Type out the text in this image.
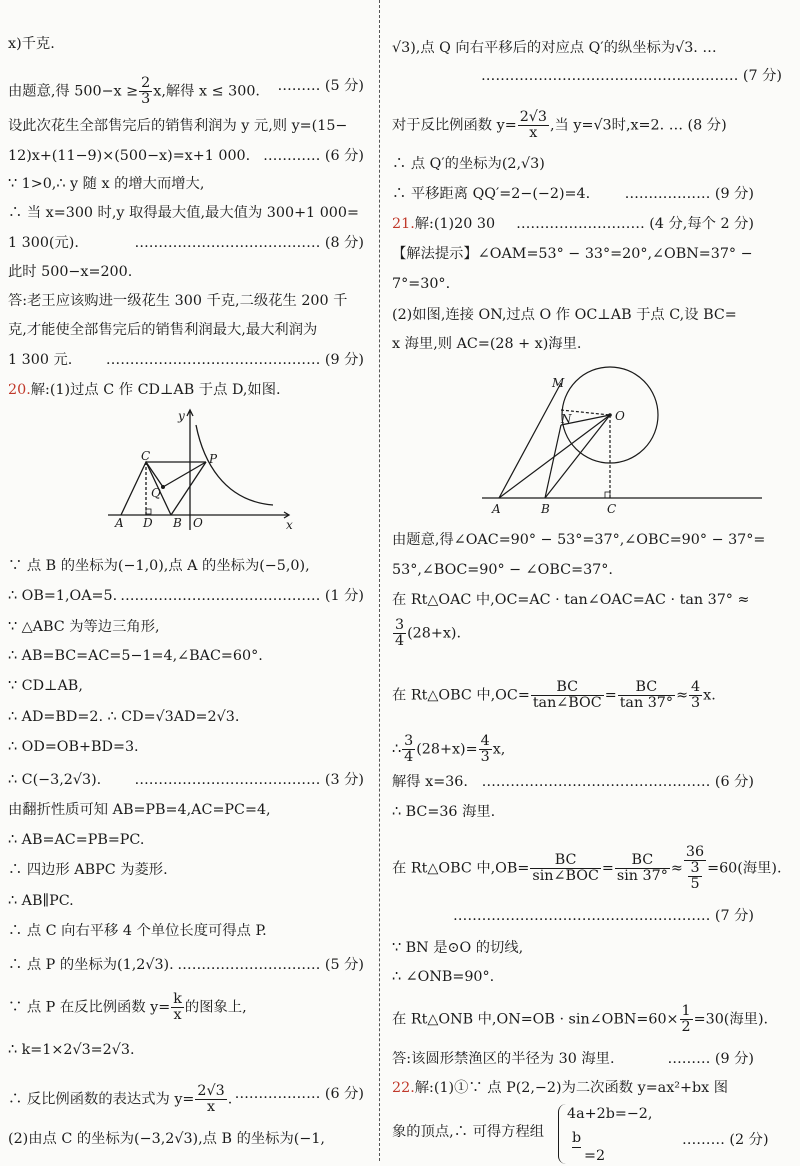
x)千克.
由题意,得 $500-x \ge \frac{2}{3} x$,解得 x ≤ 300. ……… (5 分)
设此次花生全部售完后的销售利润为 y 元,则 y=(15−
12)x+(11−9)×(500−x)=x+1 000. ………… (6 分)
∵ 1>0,∴ y 随 x 的增大而增大,
∴ 当 x=300 时,y 取得最大值,最大值为 300+1 000=
1 300(元).	………………………………… (8 分)
此时 500−x=200.
答:老王应该购进一级花生 300 千克,二级花生 200 千
克,才能使全部售完后的销售利润最大,最大利润为
1 300 元. ……………………………………… (9 分)
20.解:(1)过点 C 作 CD⊥AB 于点 D,如图.
y
x
C	P
Q
A D B O
∵ 点 B 的坐标为(−1,0),点 A 的坐标为(−5,0),
∴ OB=1,OA=5. …………………………………… (1 分)
∵ △ABC 为等边三角形,
∴ AB=BC=AC=5−1=4,∠BAC=60°.
∵ CD⊥AB,
∴ AD=BD=2. ∴ CD=√3AD=2√3.
∴ OD=OB+BD=3.
∴ C(−3,2√3). ………………………………… (3 分)
由翻折性质可知 AB=PB=4,AC=PC=4,
∴ AB=AC=PB=PC.
∴ 四边形 ABPC 为菱形.
∴ AB∥PC.
∴ 点 C 向右平移 4 个单位长度可得点 P.
∴ 点 P 的坐标为(1,2√3). ………………………… (5 分)
∵ 点 P 在反比例函数 $y= \frac{k}{x}$ 的图象上,
∴ k=1×2√3=2√3.
∴ 反比例函数的表达式为 $y= \frac{2√3}{x}$ . ……………… (6 分)
(2)由点 C 的坐标为(−3,2√3),点 B 的坐标为(−1,
√3),点 Q 向右平移后的对应点 Q′的纵坐标为√3. …
……………………………………………… (7 分)
对于反比例函数 $y= \frac{2√3}{x}$ ,当 y=√3时,x=2. … (8 分)
∴ 点 Q′的坐标为(2,√3)
∴ 平移距离 QQ′=2−(−2)=4. ……………… (9 分)
21.解:(1)20 30 ……………………… (4 分,每个 2 分)
【解法提示】∠OAM=53° − 33°=20°,∠OBN=37° −
7°=30°.
(2)如图,连接 ON,过点 O 作 OC⊥AB 于点 C,设 BC=
x 海里,则 AC=(28 + x)海里.
M
N	O
A	B	C
由题意,得∠OAC=90° − 53°=37°,∠OBC=90° − 37°=
53°,∠BOC=90° − ∠OBC=37°.
在 Rt△OAC 中,OC=AC · tan∠OAC=AC · tan 37° ≈
$\frac{3}{4} (28+x)$.
在 Rt△OBC 中$,OC= \frac{BC}{\text{tan∠BOC}} = \frac{BC}{\tan 37^\circ} \approx \frac{4}{3} x$.
∴ $\frac{3}{4} (28+x)= \frac{4}{3} x$,
解得 x=36. ………………………………………… (6 分)
∴ BC=36 海里.
在 Rt△OBC 中$,OB= \frac{BC}{\text{sin∠BOC}} = \frac{BC}{\sin 37^\circ} \approx \frac{36}{\frac{3}{5}} =60$(海里).
……………………………………………… (7 分)
∵ BN 是⊙O 的切线,
∴ ∠ONB=90°.
在 Rt△ONB 中,ON=OB · sin∠OBN=60× $\frac{1}{2} =30$(海里).
答:该圆形禁渔区的半径为 30 海里.	……… (9 分)
22.解:(1)①∵ 点 P(2,−2)为二次函数 y=ax²+bx 图
象的顶点,∴ 可得方程组
4a+2b=−2,
b
=2
……… (2 分)
